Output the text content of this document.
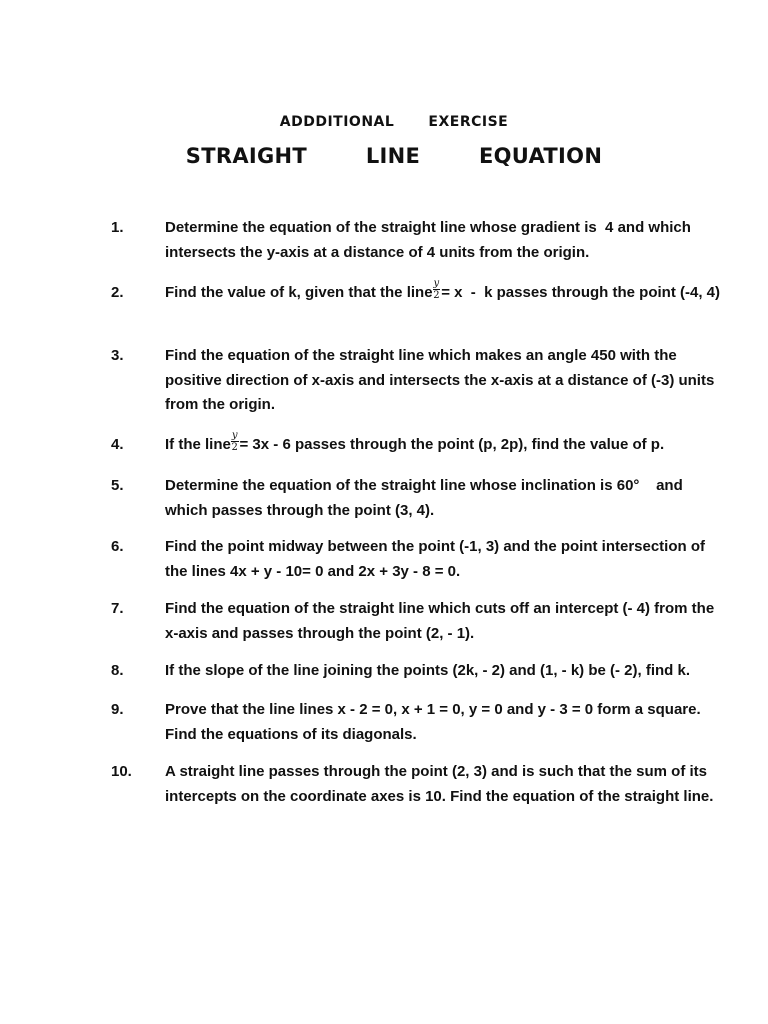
ADDDITIONAL   EXERCISE
STRAIGHT   LINE   EQUATION
1.	Determine the equation of the straight line whose gradient is  4 and which intersects the y-axis at a distance of 4 units from the origin.
2.	Find the value of k, given that the line $\frac{y}{2} = x - k$ passes through the point (-4, 4)
3.	Find the equation of the straight line which makes an angle 450 with the positive direction of x-axis and intersects the x-axis at a distance of (-3) units from the origin.
4.	If the line $\frac{y}{2} = 3x - 6$ passes through the point (p, 2p), find the value of p.
5.	Determine the equation of the straight line whose inclination is 60°    and which passes through the point (3, 4).
6.	Find the point midway between the point (-1, 3) and the point intersection of the lines 4x + y - 10= 0 and 2x + 3y - 8 = 0.
7.	Find the equation of the straight line which cuts off an intercept (- 4) from the x-axis and passes through the point (2, - 1).
8.	If the slope of the line joining the points (2k, - 2) and (1, - k) be (- 2), find k.
9.	Prove that the line lines x - 2 = 0, x + 1 = 0, y = 0 and y - 3 = 0 form a square. Find the equations of its diagonals.
10. A straight line passes through the point (2, 3) and is such that the sum of its intercepts on the coordinate axes is 10. Find the equation of the straight line.
